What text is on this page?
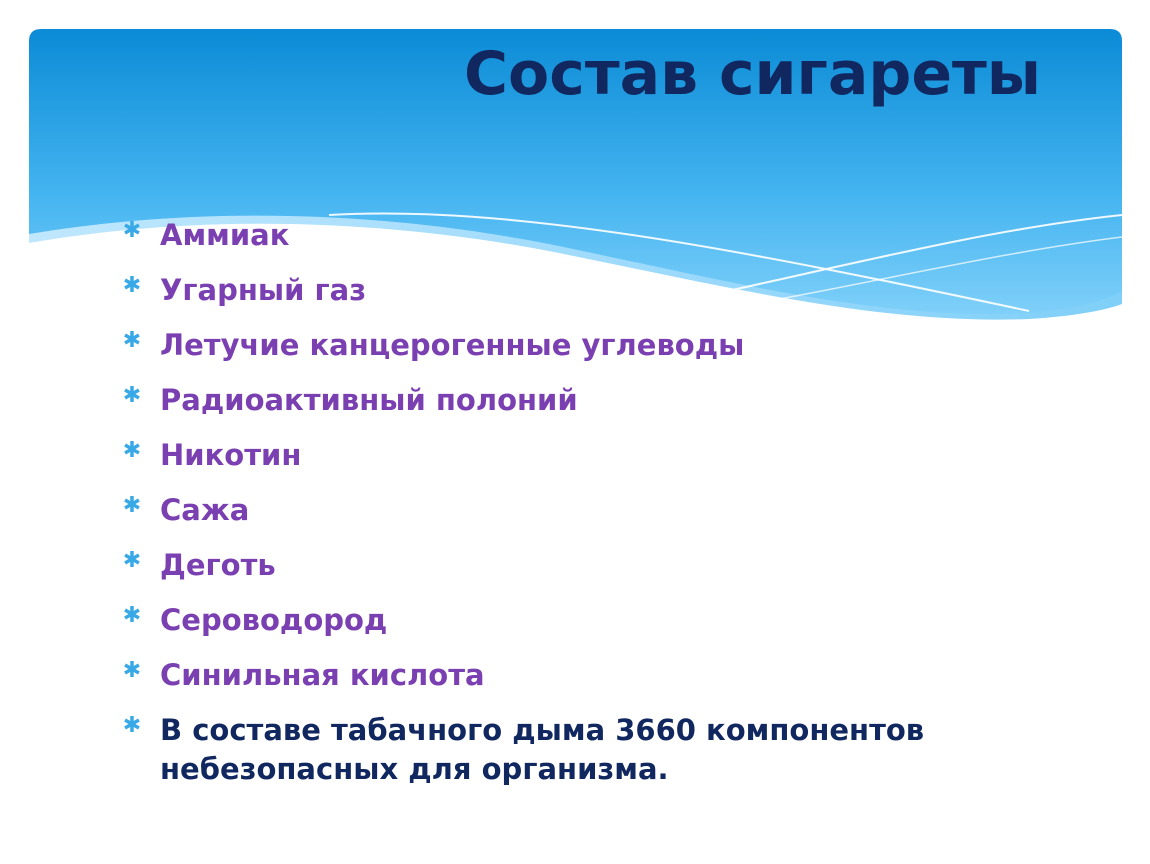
Состав сигареты
✱ Аммиак
✱ Угарный газ
✱ Летучие канцерогенные углеводы
✱ Радиоактивный полоний
✱ Никотин
✱ Сажа
✱ Деготь
✱ Сероводород
✱ Синильная кислота
✱ В составе табачного дыма 3660 компонентов небезопасных для организма.
